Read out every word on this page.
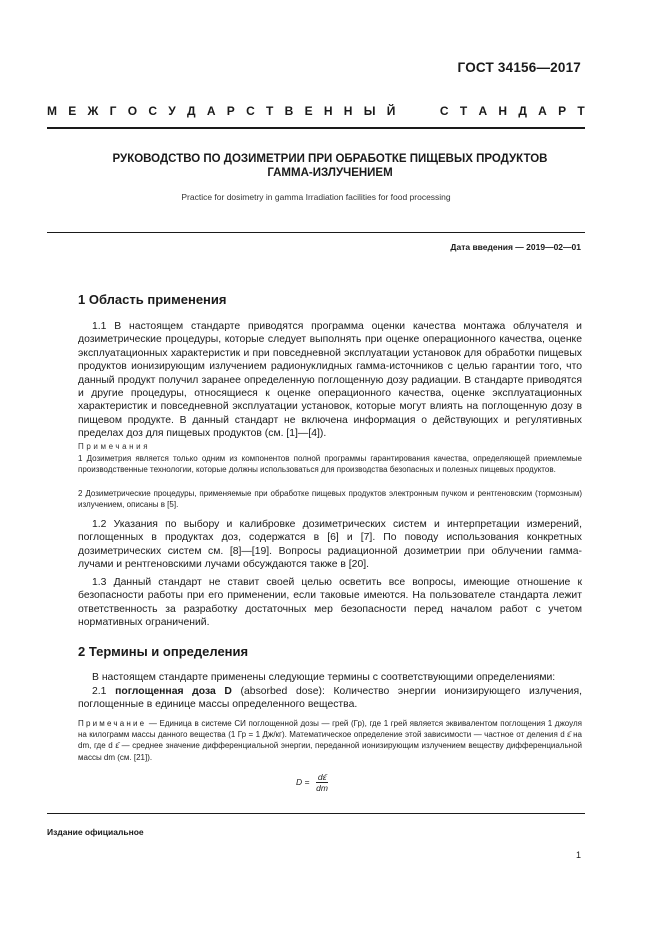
ГОСТ 34156—2017
М Е Ж Г О С У Д А Р С Т В Е Н Н Ы Й	С Т А Н Д А Р Т
РУКОВОДСТВО ПО ДОЗИМЕТРИИ ПРИ ОБРАБОТКЕ ПИЩЕВЫХ ПРОДУКТОВ
ГАММА-ИЗЛУЧЕНИЕМ
Practice for dosimetry in gamma Irradiation facilities for food processing
Дата введения — 2019—02—01
1 Область применения

1.1 В настоящем стандарте приводятся программа оценки качества монтажа облучателя и дозиметрические процедуры, которые следует выполнять при оценке операционного качества, оценке эксплуатационных характеристик и при повседневной эксплуатации установок для обработки пищевых продуктов ионизирующим излучением радионуклидных гамма-источников с целью гарантии того, что данный продукт получил заранее определенную поглощенную дозу радиации. В стандарте приводятся и другие процедуры, относящиеся к оценке операционного качества, оценке эксплуатационных характеристик и повседневной эксплуатации установок, которые могут влиять на поглощенную дозу в пищевом продукте. В данный стандарт не включена информация о действующих и регулятивных пределах доз для пищевых продуктов (см. [1]—[4]).

Примечания

1 Дозиметрия является только одним из компонентов полной программы гарантирования качества, определяющей приемлемые производственные технологии, которые должны использоваться для производства безопасных и полезных пищевых продуктов.

2 Дозиметрические процедуры, применяемые при обработке пищевых продуктов электронным пучком и рентгеновским (тормозным) излучением, описаны в [5].

1.2 Указания по выбору и калибровке дозиметрических систем и интерпретации измерений, поглощенных в продуктах доз, содержатся в [6] и [7]. По поводу использования конкретных дозиметрических систем см. [8]—[19]. Вопросы радиационной дозиметрии при облучении гамма-лучами и рентгеновскими лучами обсуждаются также в [20].

1.3 Данный стандарт не ставит своей целью осветить все вопросы, имеющие отношение к безопасности работы при его применении, если таковые имеются. На пользователе стандарта лежит ответственность за разработку достаточных мер безопасности перед началом работ с учетом нормативных ограничений.

2 Термины и определения

В настоящем стандарте применены следующие термины с соответствующими определениями:

2.1 поглощенная доза D (absorbed dose): Количество энергии ионизирующего излучения, поглощенные в единице массы определенного вещества.

Примечание — Единица в системе СИ поглощенной дозы — грей (Гр), где 1 грей является эквивалентом поглощения 1 джоуля на килограмм массы данного вещества (1 Гр = 1 Дж/кг). Математическое определение этой зависимости — частное от деления d ε̄ на dm, где d ε̄ — среднее значение дифференциальной энергии, переданной ионизирующим излучением веществу дифференциальной массы dm (см. [21]).

$D = \frac{d\varepsilon̄}{dm}$
Издание официальное
1
